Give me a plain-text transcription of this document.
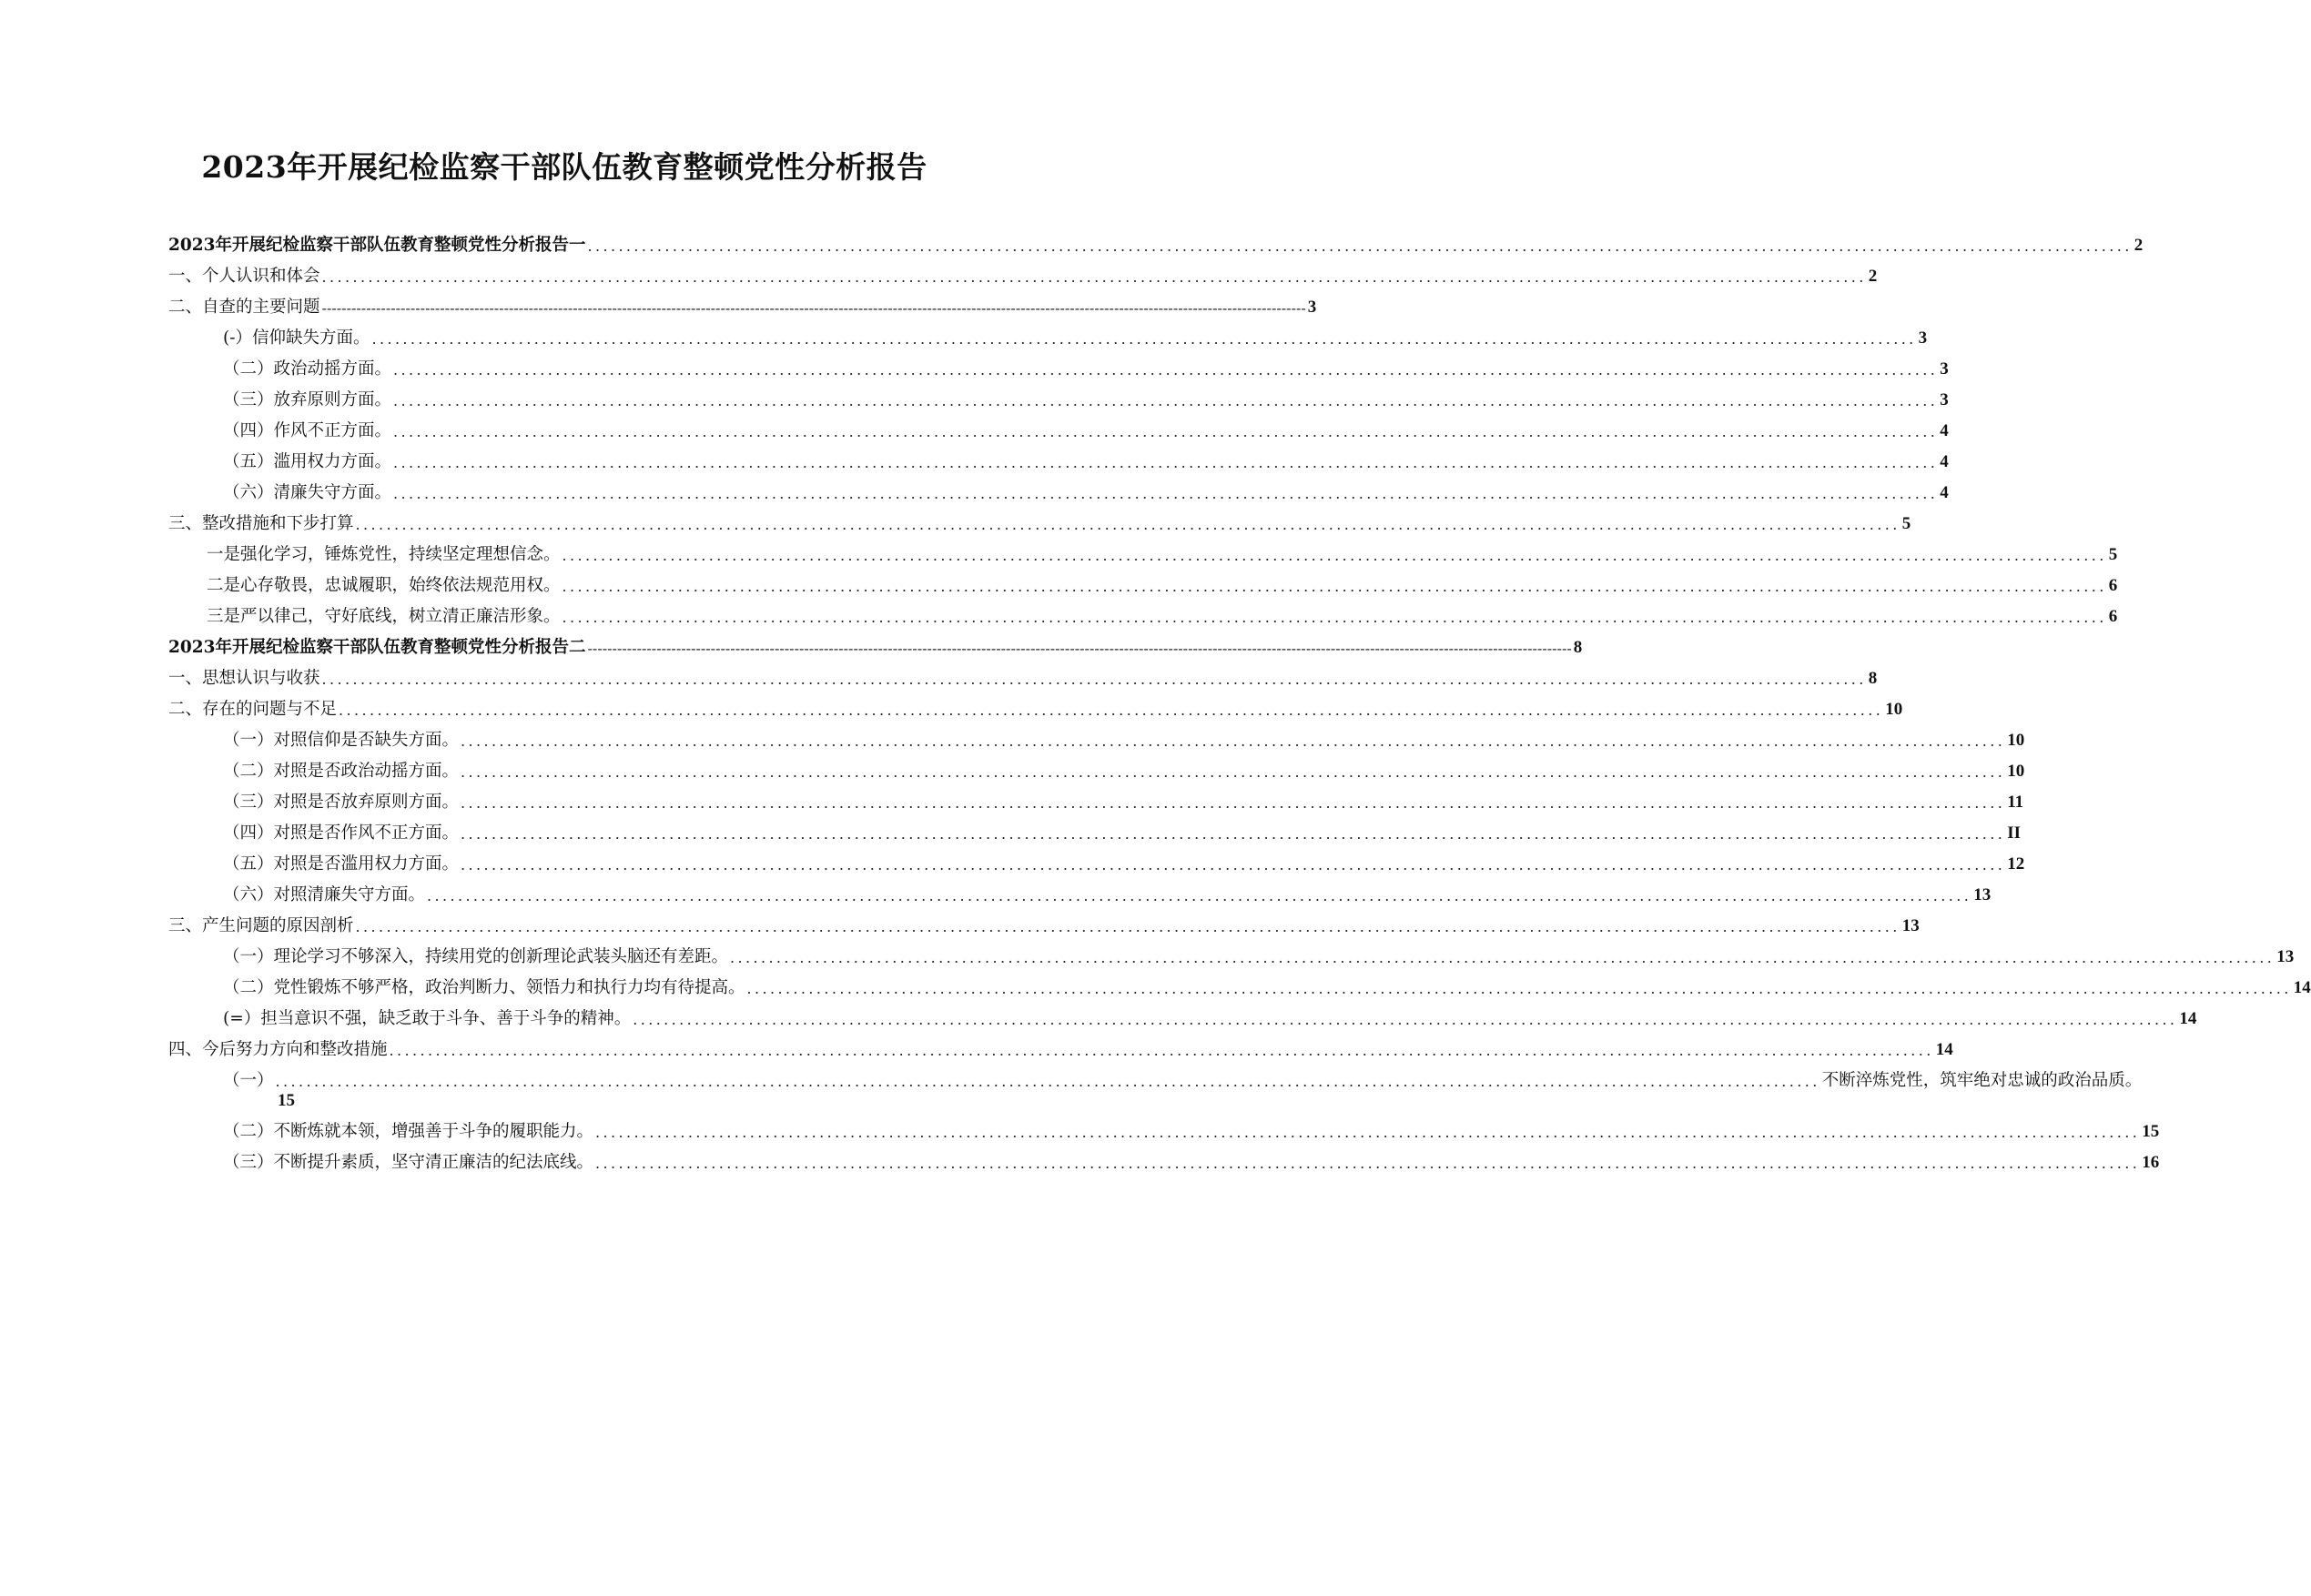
2023年开展纪检监察干部队伍教育整顿党性分析报告
2023年开展纪检监察干部队伍教育整顿党性分析报告一 ........................................................................................................................................................................................................ 2
一、 个人认识和体会 ........................................................................................................................................................................................................ 2
二、 自查的主要问题 -------------------------------------------------------------------------------------------------------------------------------------------------------------------------------------------------------- 3
(-）信仰缺失方面。 ........................................................................................................................................................................................................ 3
（二）政治动摇方面。 ........................................................................................................................................................................................................ 3
（三）放弃原则方面。 ........................................................................................................................................................................................................ 3
（四）作风不正方面。 ........................................................................................................................................................................................................ 4
（五）滥用权力方面。 ........................................................................................................................................................................................................ 4
（六）清廉失守方面。 ........................................................................................................................................................................................................ 4
三、 整改措施和下步打算 ........................................................................................................................................................................................................ 5
一是强化学习，锤炼党性，持续坚定理想信念。 ........................................................................................................................................................................................................ 5
二是心存敬畏，忠诚履职，始终依法规范用权。 ........................................................................................................................................................................................................ 6
三是严以律己，守好底线，树立清正廉洁形象。 ........................................................................................................................................................................................................ 6
2023年开展纪检监察干部队伍教育整顿党性分析报告二 -------------------------------------------------------------------------------------------------------------------------------------------------------------------------------------------------------- 8
一、 思想认识与收获 ........................................................................................................................................................................................................ 8
二、 存在的问题与不足 ........................................................................................................................................................................................................ 10
（一）对照信仰是否缺失方面。 ........................................................................................................................................................................................................ 10
（二）对照是否政治动摇方面。 ........................................................................................................................................................................................................ 10
（三）对照是否放弃原则方面。 ........................................................................................................................................................................................................ 11
（四）对照是否作风不正方面。 ........................................................................................................................................................................................................ II
（五）对照是否滥用权力方面。 ........................................................................................................................................................................................................ 12
（六）对照清廉失守方面。 ........................................................................................................................................................................................................ 13
三、 产生问题的原因剖析 ........................................................................................................................................................................................................ 13
（一）理论学习不够深入，持续用党的创新理论武装头脑还有差距。 ........................................................................................................................................................................................................ 13
（二）党性锻炼不够严格，政治判断力、领悟力和执行力均有待提高。 ........................................................................................................................................................................................................ 14
(=）担当意识不强，缺乏敢于斗争、善于斗争的精神。 ........................................................................................................................................................................................................ 14
四、 今后努力方向和整改措施 ........................................................................................................................................................................................................ 14
（一） ........................................................................................................................................................................................................ 不断淬炼党性，筑牢绝对忠诚的政治品质。
15
（二）不断炼就本领，增强善于斗争的履职能力。 ........................................................................................................................................................................................................ 15
（三）不断提升素质，坚守清正廉洁的纪法底线。 ........................................................................................................................................................................................................ 16
